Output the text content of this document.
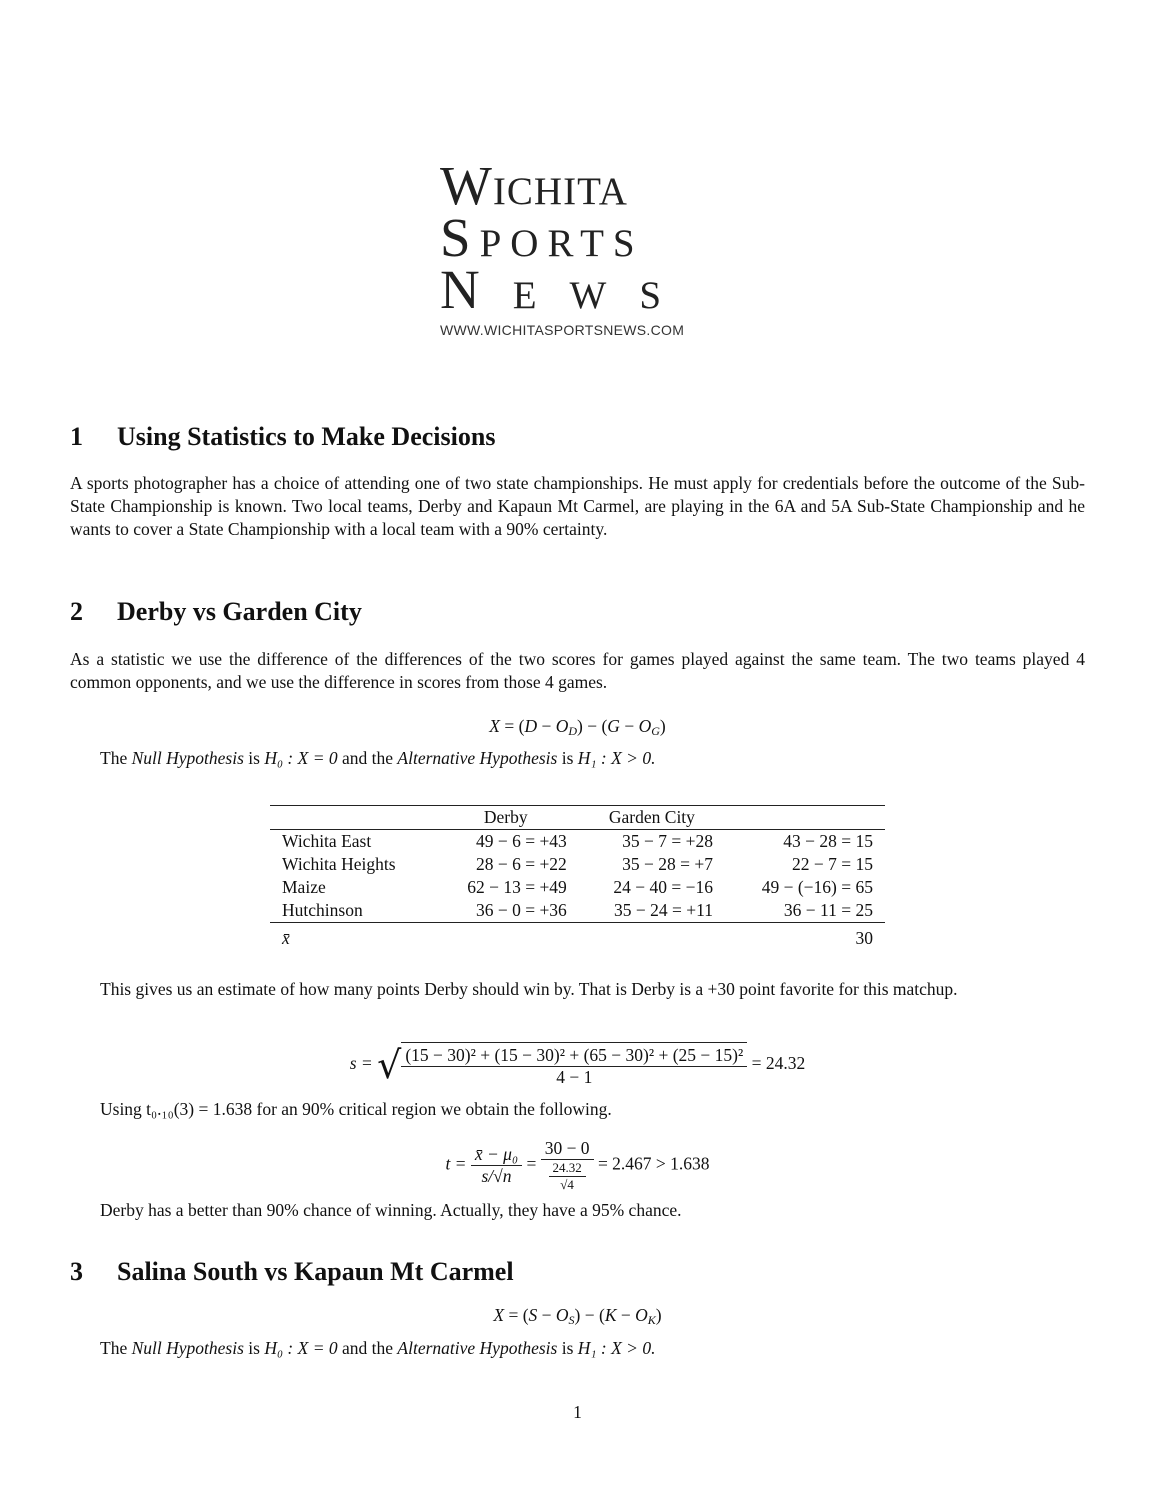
Wichita
Sports
News
WWW.WICHITASPORTSNEWS.COM
1 Using Statistics to Make Decisions
A sports photographer has a choice of attending one of two state championships. He must apply for credentials before the outcome of the Sub-State Championship is known. Two local teams, Derby and Kapaun Mt Carmel, are playing in the 6A and 5A Sub-State Championship and he wants to cover a State Championship with a local team with a 90% certainty.
2 Derby vs Garden City
As a statistic we use the difference of the differences of the two scores for games played against the same team. The two teams played 4 common opponents, and we use the difference in scores from those 4 games.
$X = (D - O_D) - (G - O_G)$
The Null Hypothesis is H₀ : X = 0 and the Alternative Hypothesis is H₁ : X > 0.
	Derby	Garden City	
Wichita East	49 − 6 = +43	35 − 7 = +28	43 − 28 = 15
Wichita Heights	28 − 6 = +22	35 − 28 = +7	22 − 7 = 15
Maize	62 − 13 = +49	24 − 40 = −16	49 − (−16) = 65
Hutchinson	36 − 0 = +36	35 − 24 = +11	36 − 11 = 25
x̄			30
This gives us an estimate of how many points Derby should win by. That is Derby is a +30 point favorite for this matchup.
s = √ $\frac{\text{(15 − 30)² + (15 − 30)² + (65 − 30)² + (25 − 15)²}}{4 - 1} = 24.32$
Using t₀.₁₀(3) = 1.638 for an 90% critical region we obtain the following.
$t = \frac{\text{x̄ − μ₀}}{s/√n} = \frac{30 - 0}{\frac{24.32}{√4}} = 2.467 > 1.638$
Derby has a better than 90% chance of winning. Actually, they have a 95% chance.
3 Salina South vs Kapaun Mt Carmel
$X = (S - O_S) - (K - O_K)$
The Null Hypothesis is H₀ : X = 0 and the Alternative Hypothesis is H₁ : X > 0.
1
